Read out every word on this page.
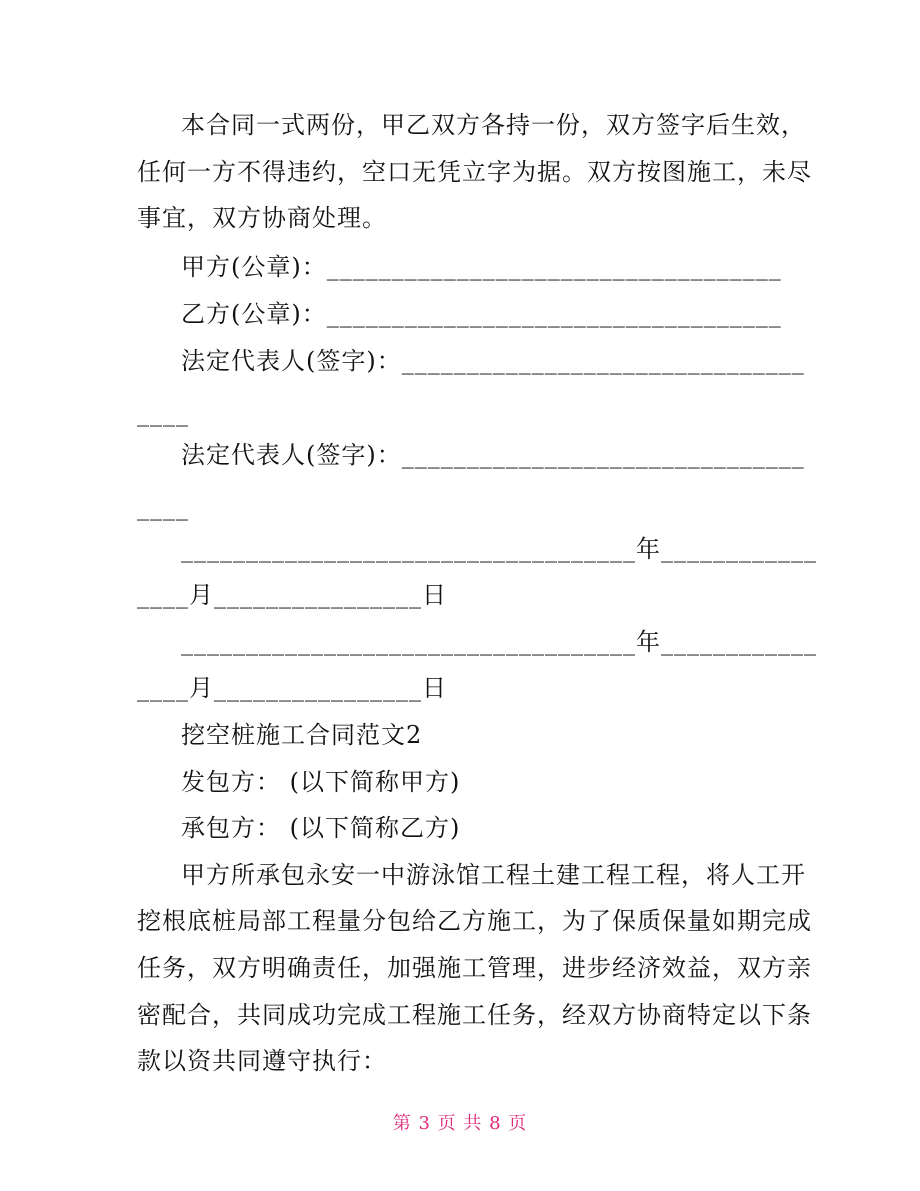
本合同一式两份，甲乙双方各持一份，双方签字后生效，
任何一方不得违约，空口无凭立字为据。双方按图施工，未尽
事宜，双方协商处理。
甲方(公章)：___________________________________
乙方(公章)：___________________________________
法定代表人(签字)：_______________________________
____
法定代表人(签字)：_______________________________
____
___________________________________年____________
____月________________日
___________________________________年____________
____月________________日
挖空桩施工合同范文2
发包方： (以下简称甲方)
承包方： (以下简称乙方)
甲方所承包永安一中游泳馆工程土建工程工程，将人工开
挖根底桩局部工程量分包给乙方施工，为了保质保量如期完成
任务，双方明确责任，加强施工管理，进步经济效益，双方亲
密配合，共同成功完成工程施工任务，经双方协商特定以下条
款以资共同遵守执行：
第 3 页 共 8 页
